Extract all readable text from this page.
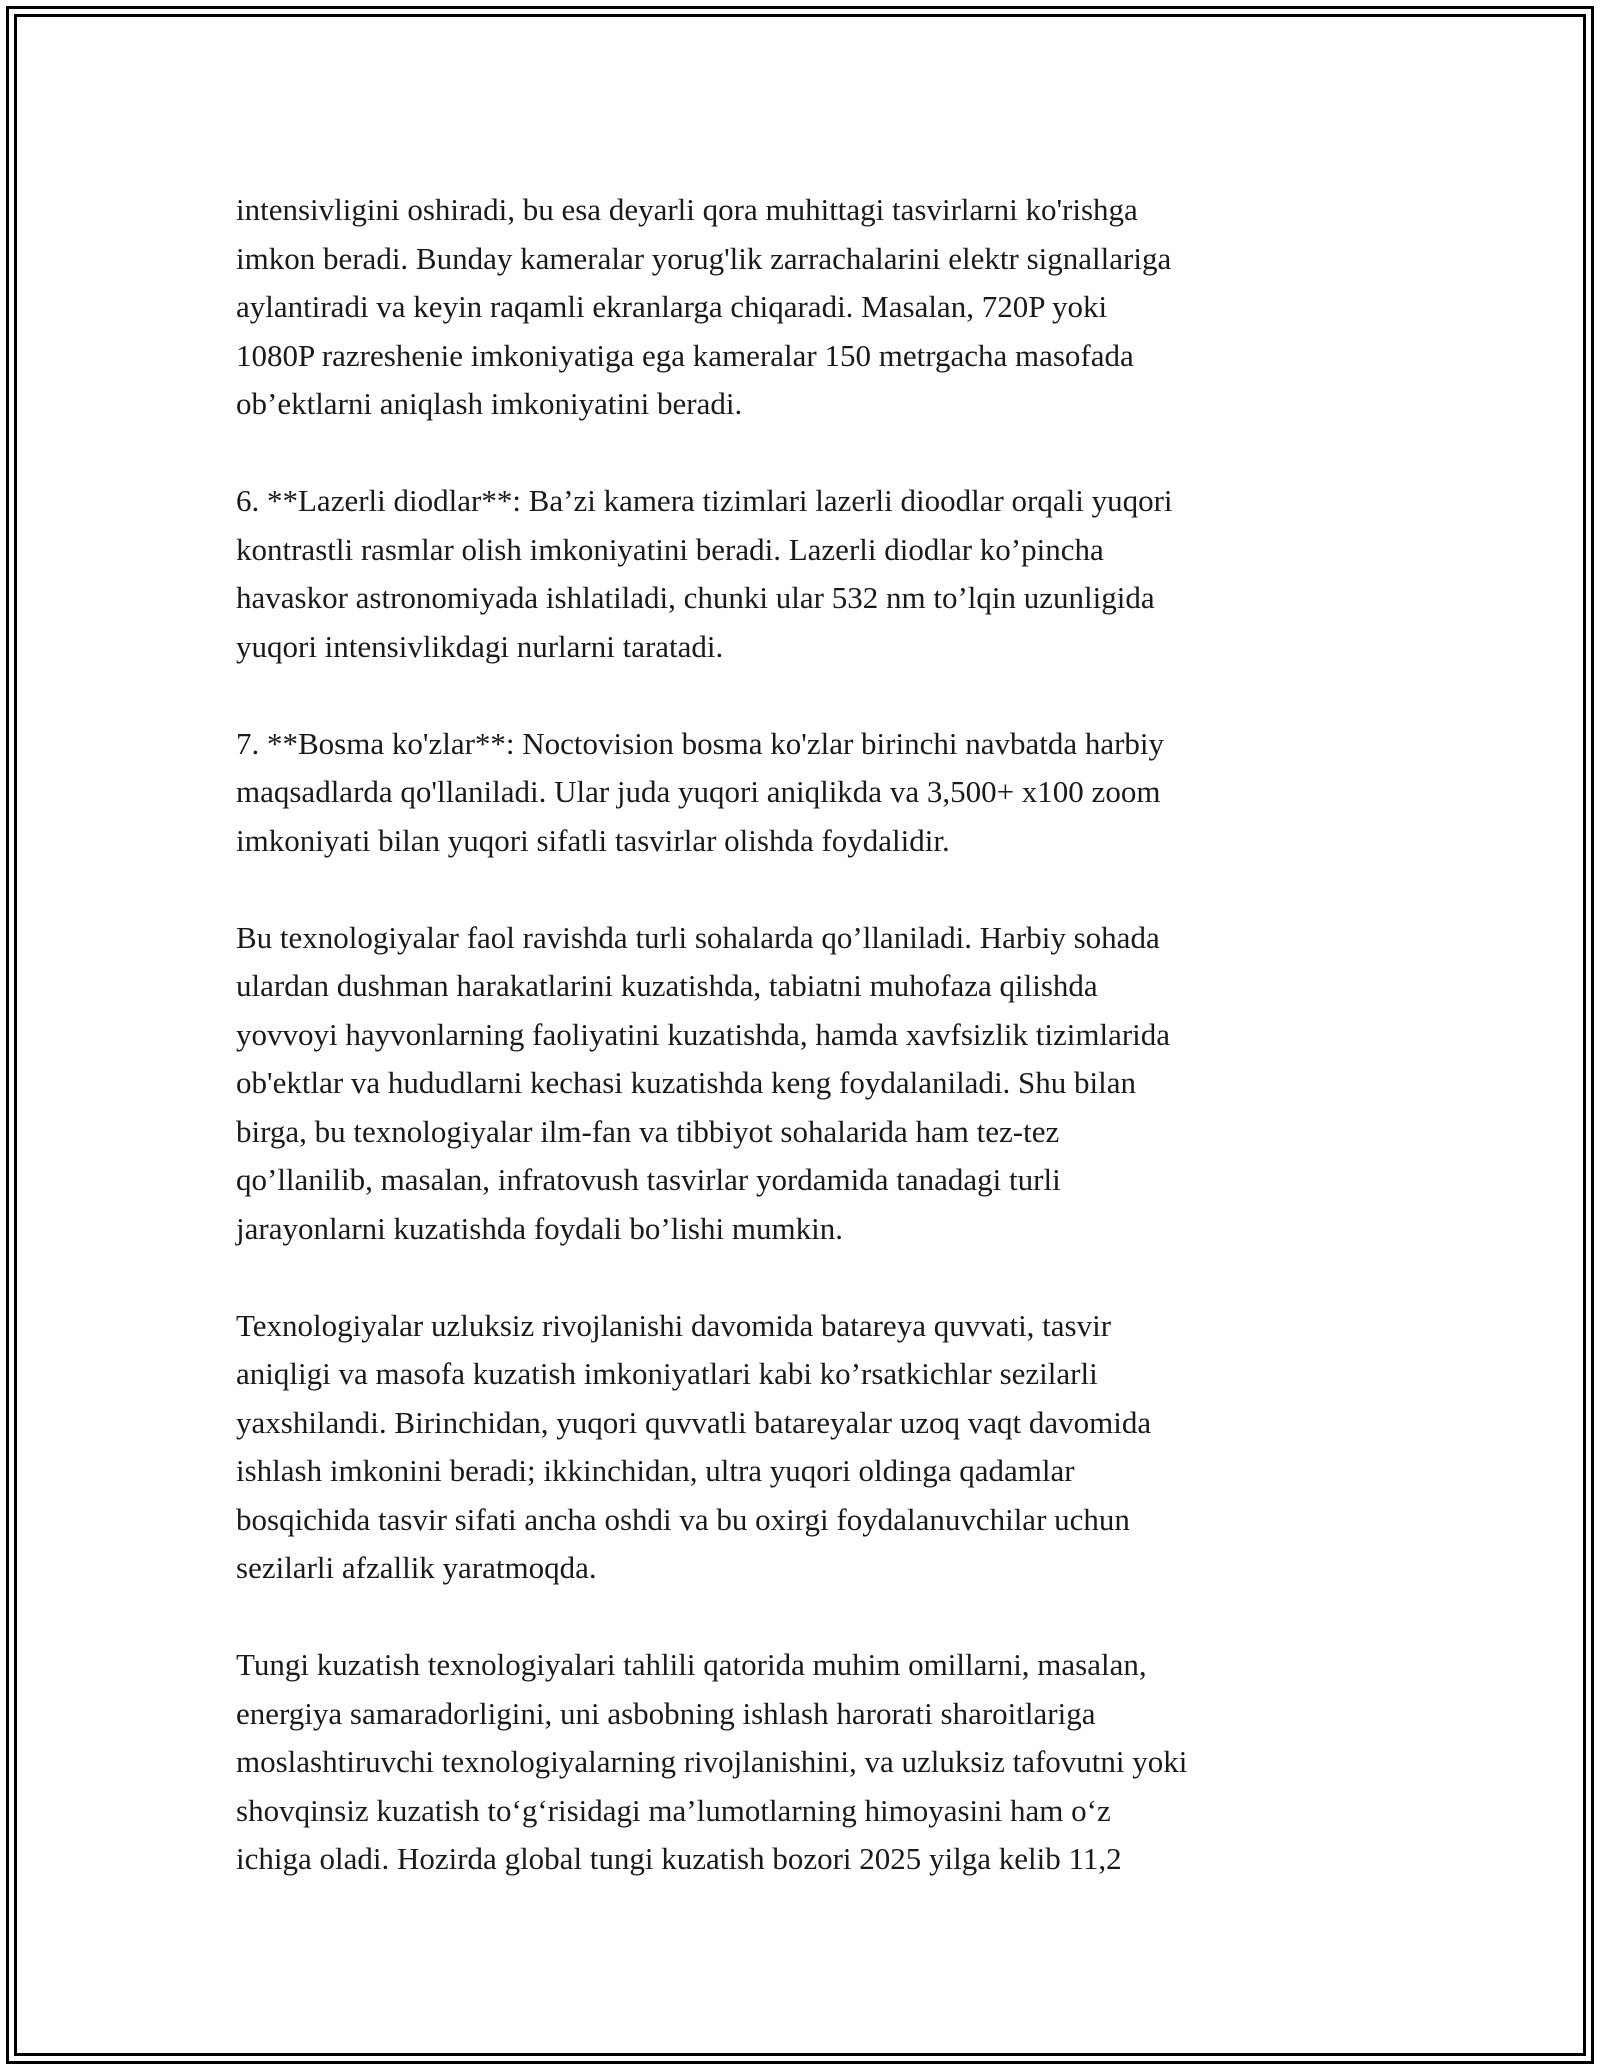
intensivligini oshiradi, bu esa deyarli qora muhittagi tasvirlarni ko'rishga
imkon beradi. Bunday kameralar yorug'lik zarrachalarini elektr signallariga
aylantiradi va keyin raqamli ekranlarga chiqaradi. Masalan, 720P yoki
1080P razreshenie imkoniyatiga ega kameralar 150 metrgacha masofada
ob’ektlarni aniqlash imkoniyatini beradi.
6. **Lazerli diodlar**: Ba’zi kamera tizimlari lazerli dioodlar orqali yuqori
kontrastli rasmlar olish imkoniyatini beradi. Lazerli diodlar ko’pincha
havaskor astronomiyada ishlatiladi, chunki ular 532 nm to’lqin uzunligida
yuqori intensivlikdagi nurlarni taratadi.
7. **Bosma ko'zlar**: Noctovision bosma ko'zlar birinchi navbatda harbiy
maqsadlarda qo'llaniladi. Ular juda yuqori aniqlikda va 3,500+ x100 zoom
imkoniyati bilan yuqori sifatli tasvirlar olishda foydalidir.
Bu texnologiyalar faol ravishda turli sohalarda qo’llaniladi. Harbiy sohada
ulardan dushman harakatlarini kuzatishda, tabiatni muhofaza qilishda
yovvoyi hayvonlarning faoliyatini kuzatishda, hamda xavfsizlik tizimlarida
ob'ektlar va hududlarni kechasi kuzatishda keng foydalaniladi. Shu bilan
birga, bu texnologiyalar ilm-fan va tibbiyot sohalarida ham tez-tez
qo’llanilib, masalan, infratovush tasvirlar yordamida tanadagi turli
jarayonlarni kuzatishda foydali bo’lishi mumkin.
Texnologiyalar uzluksiz rivojlanishi davomida batareya quvvati, tasvir
aniqligi va masofa kuzatish imkoniyatlari kabi ko’rsatkichlar sezilarli
yaxshilandi. Birinchidan, yuqori quvvatli batareyalar uzoq vaqt davomida
ishlash imkonini beradi; ikkinchidan, ultra yuqori oldinga qadamlar
bosqichida tasvir sifati ancha oshdi va bu oxirgi foydalanuvchilar uchun
sezilarli afzallik yaratmoqda.
Tungi kuzatish texnologiyalari tahlili qatorida muhim omillarni, masalan,
energiya samaradorligini, uni asbobning ishlash harorati sharoitlariga
moslashtiruvchi texnologiyalarning rivojlanishini, va uzluksiz tafovutni yoki
shovqinsiz kuzatish to‘g‘risidagi ma’lumotlarning himoyasini ham o‘z
ichiga oladi. Hozirda global tungi kuzatish bozori 2025 yilga kelib 11,2
